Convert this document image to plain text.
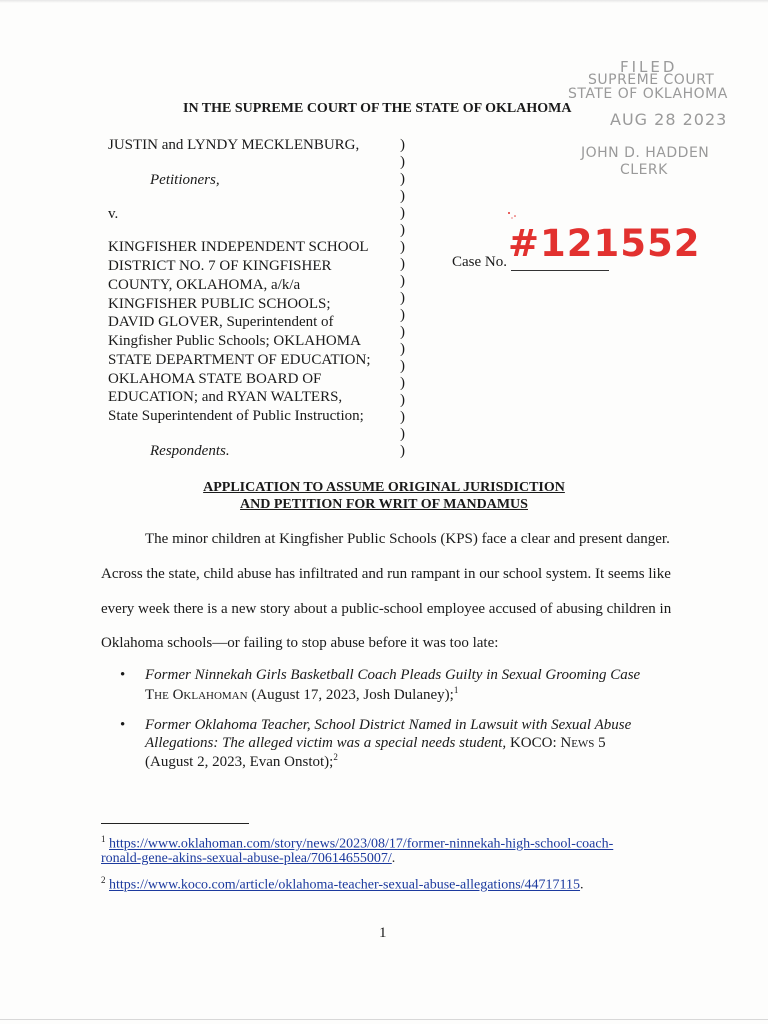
FILED
SUPREME COURT
STATE OF OKLAHOMA
AUG 28 2023
JOHN D. HADDEN
CLERK
IN THE SUPREME COURT OF THE STATE OF OKLAHOMA
JUSTIN and LYNDY MECKLENBURG,
Petitioners,
v.
KINGFISHER INDEPENDENT SCHOOL
DISTRICT NO. 7 OF KINGFISHER
COUNTY, OKLAHOMA, a/k/a
KINGFISHER PUBLIC SCHOOLS;
DAVID GLOVER, Superintendent of
Kingfisher Public Schools; OKLAHOMA
STATE DEPARTMENT OF EDUCATION;
OKLAHOMA STATE BOARD OF
EDUCATION; and RYAN WALTERS,
State Superintendent of Public Instruction;
Respondents.
)
)
)
)
)
)
)
)
)
)
)
)
)
)
)
)
)
)
)
Case No. #121552
APPLICATION TO ASSUME ORIGINAL JURISDICTION
AND PETITION FOR WRIT OF MANDAMUS
The minor children at Kingfisher Public Schools (KPS) face a clear and present danger.
Across the state, child abuse has infiltrated and run rampant in our school system. It seems like
every week there is a new story about a public-school employee accused of abusing children in
Oklahoma schools—or failing to stop abuse before it was too late:
• Former Ninnekah Girls Basketball Coach Pleads Guilty in Sexual Grooming Case
The Oklahoman (August 17, 2023, Josh Dulaney);$^1$
• Former Oklahoma Teacher, School District Named in Lawsuit with Sexual Abuse
Allegations: The alleged victim was a special needs student, KOCO: News 5
(August 2, 2023, Evan Onstot);$^2$
$^1$ https://www.oklahoman.com/story/news/2023/08/17/former-ninnekah-high-school-coach-
ronald-gene-akins-sexual-abuse-plea/70614655007/.
$^2$ https://www.koco.com/article/oklahoma-teacher-sexual-abuse-allegations/44717115.
1
